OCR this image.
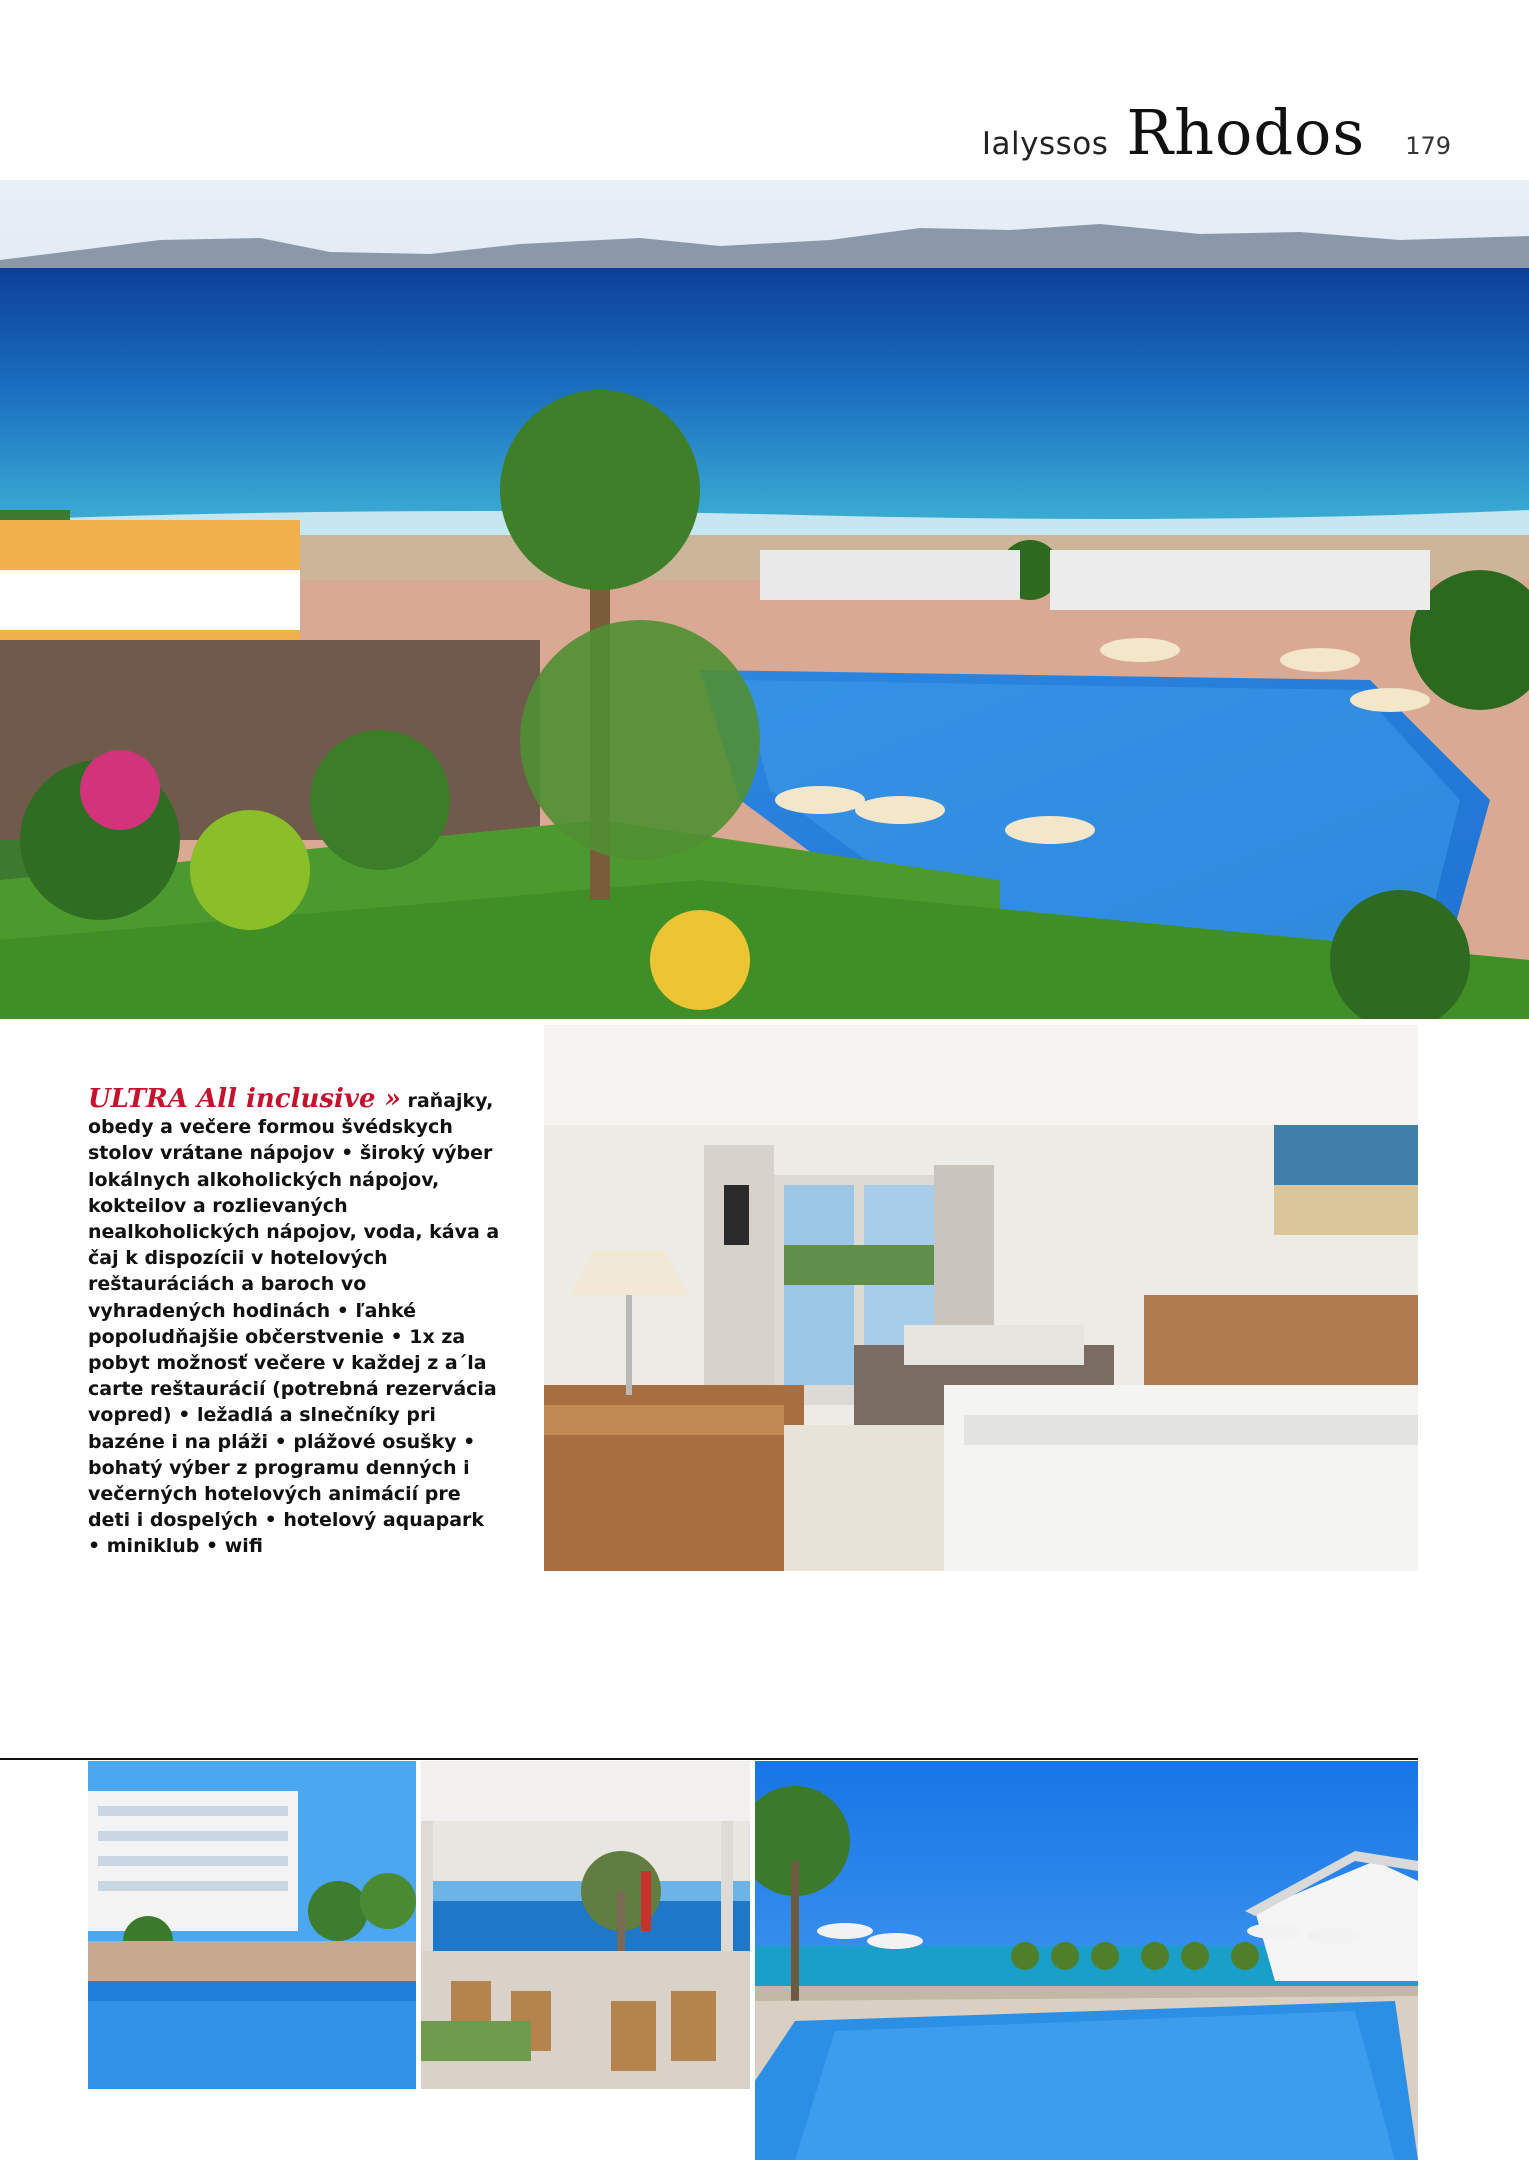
Ialyssos Rhodos 179
ULTRA All inclusive » raňajky, obedy a večere formou švédskych stolov vrátane nápojov • široký výber lokálnych alkoholických nápojov, kokteilov a rozlievaných nealkoholických nápojov, voda, káva a čaj k dispozícii v hotelových reštauráciách a baroch vo vyhradených hodinách • ľahké popoludňajšie občerstvenie • 1x za pobyt možnosť večere v každej z a´la carte reštaurácií (potrebná rezervácia vopred) • ležadlá a slnečníky pri bazéne i na pláži • plážové osušky • bohatý výber z programu denných i večerných hotelových animácií pre deti i dospelých • hotelový aquapark • miniklub • wifi
